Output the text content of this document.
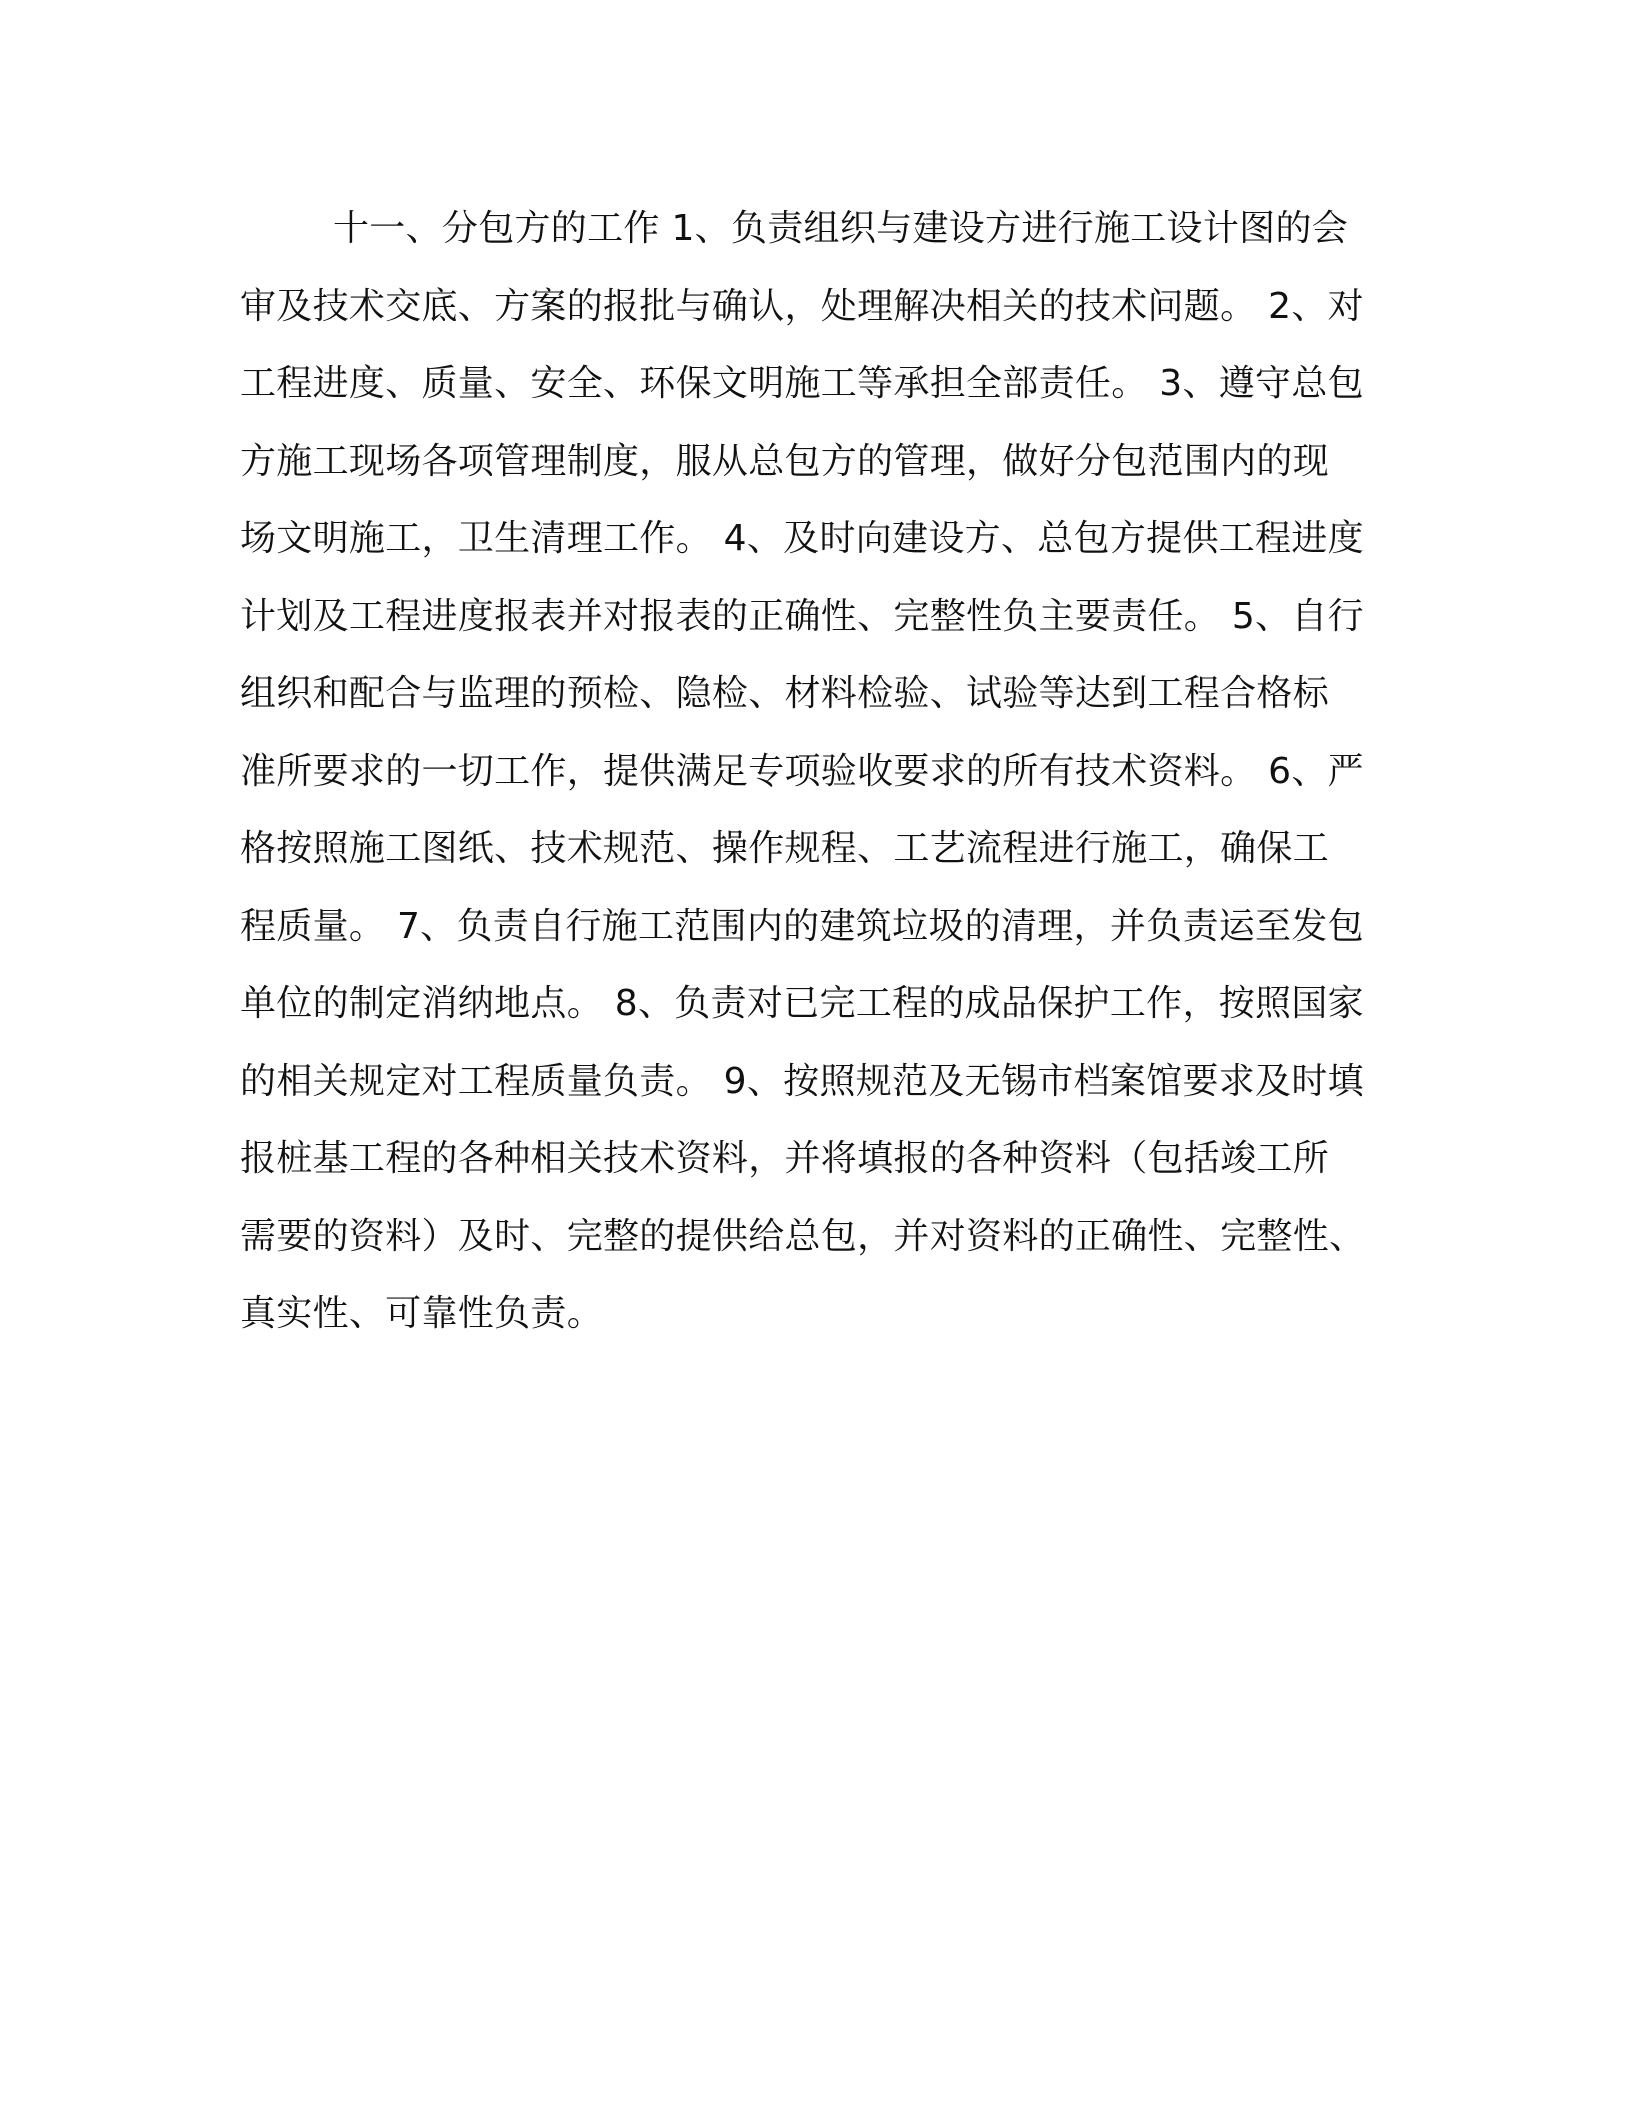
十一、分包方的工作 1、负责组织与建设方进行施工设计图的会
审及技术交底、方案的报批与确认，处理解决相关的技术问题。 2、对
工程进度、质量、安全、环保文明施工等承担全部责任。 3、遵守总包
方施工现场各项管理制度，服从总包方的管理，做好分包范围内的现
场文明施工，卫生清理工作。 4、及时向建设方、总包方提供工程进度
计划及工程进度报表并对报表的正确性、完整性负主要责任。 5、自行
组织和配合与监理的预检、隐检、材料检验、试验等达到工程合格标
准所要求的一切工作，提供满足专项验收要求的所有技术资料。 6、严
格按照施工图纸、技术规范、操作规程、工艺流程进行施工，确保工
程质量。 7、负责自行施工范围内的建筑垃圾的清理，并负责运至发包
单位的制定消纳地点。 8、负责对已完工程的成品保护工作，按照国家
的相关规定对工程质量负责。 9、按照规范及无锡市档案馆要求及时填
报桩基工程的各种相关技术资料，并将填报的各种资料（包括竣工所
需要的资料）及时、完整的提供给总包，并对资料的正确性、完整性、
真实性、可靠性负责。
